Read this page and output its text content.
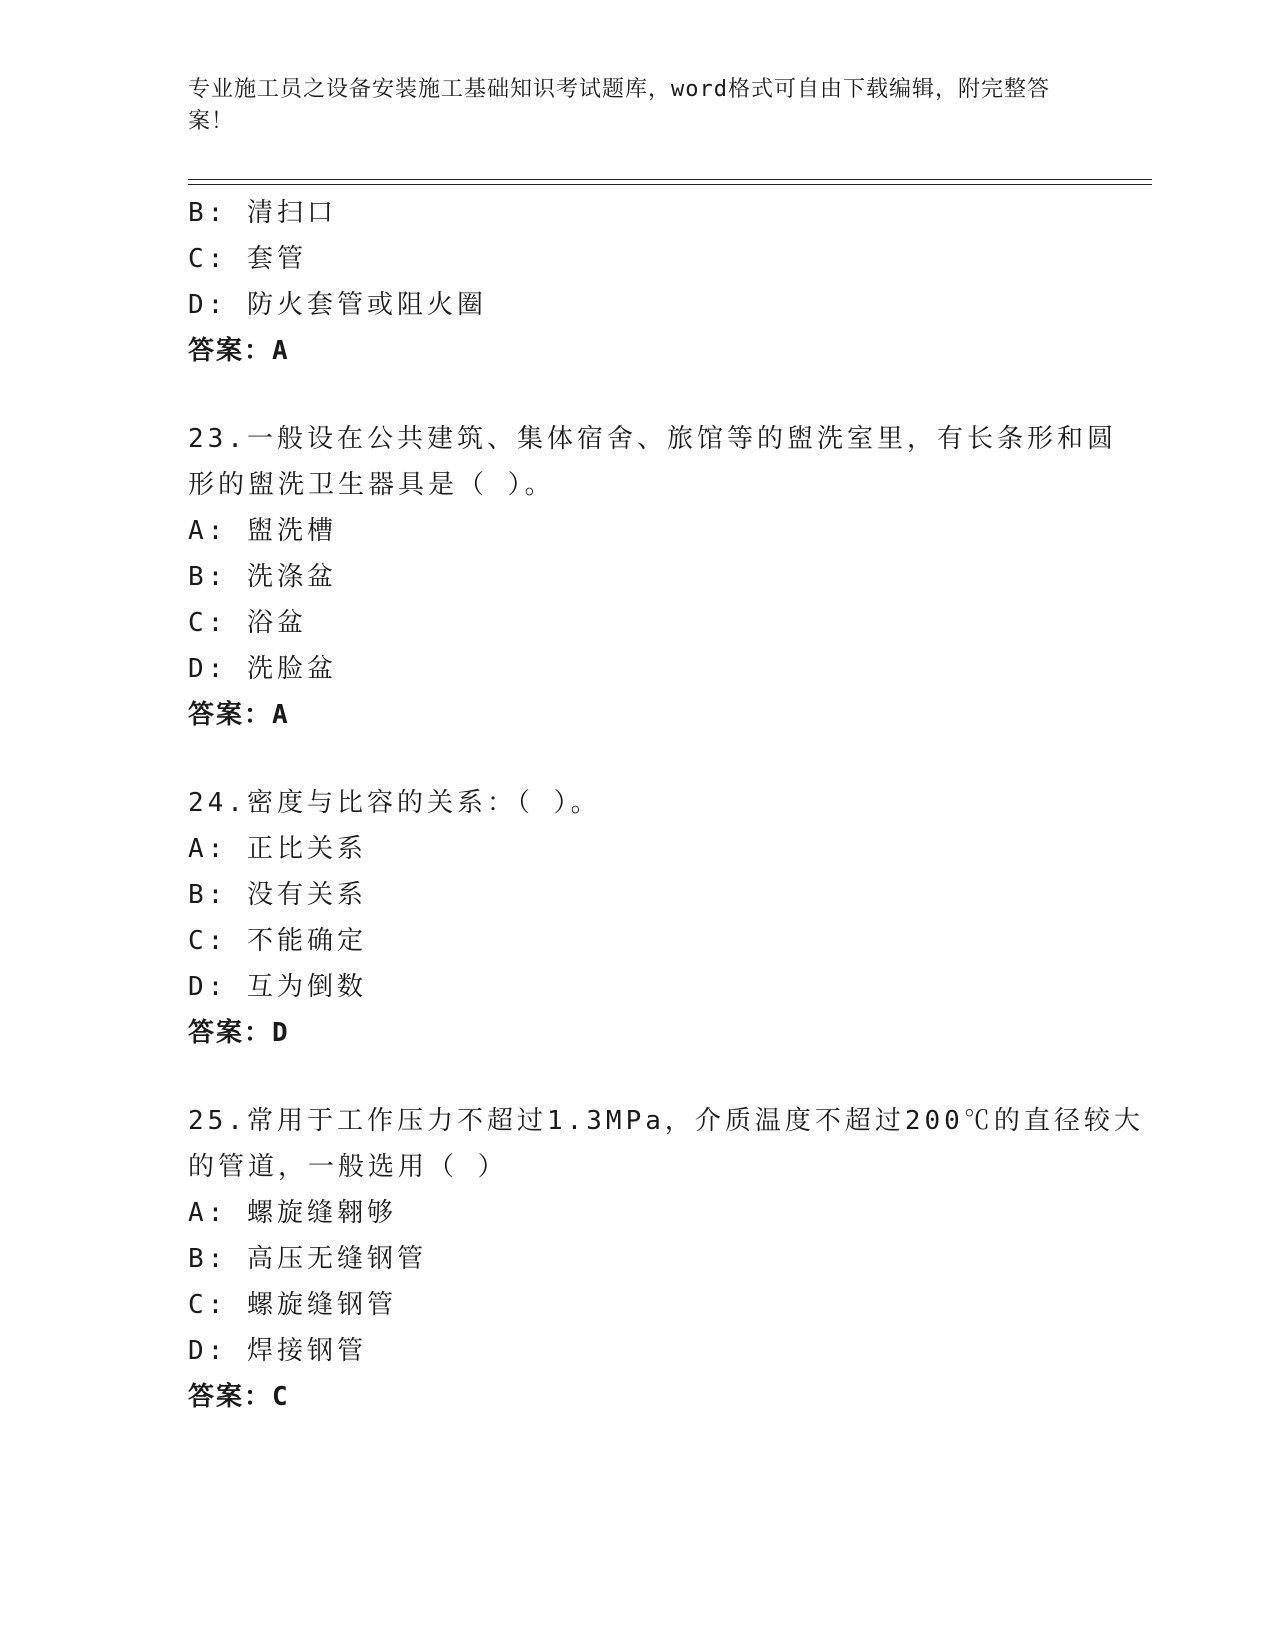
专业施工员之设备安装施工基础知识考试题库，word格式可自由下载编辑，附完整答案！
B: 清扫口
C: 套管
D: 防火套管或阻火圈
答案：A
23.一般设在公共建筑、集体宿舍、旅馆等的盥洗室里，有长条形和圆
形的盥洗卫生器具是（ ）。
A: 盥洗槽
B: 洗涤盆
C: 浴盆
D: 洗脸盆
答案：A
24.密度与比容的关系：（ ）。
A: 正比关系
B: 没有关系
C: 不能确定
D: 互为倒数
答案：D
25.常用于工作压力不超过1.3MPa，介质温度不超过200℃的直径较大
的管道，一般选用（ ）
A: 螺旋缝翱够
B: 高压无缝钢管
C: 螺旋缝钢管
D: 焊接钢管
答案：C
